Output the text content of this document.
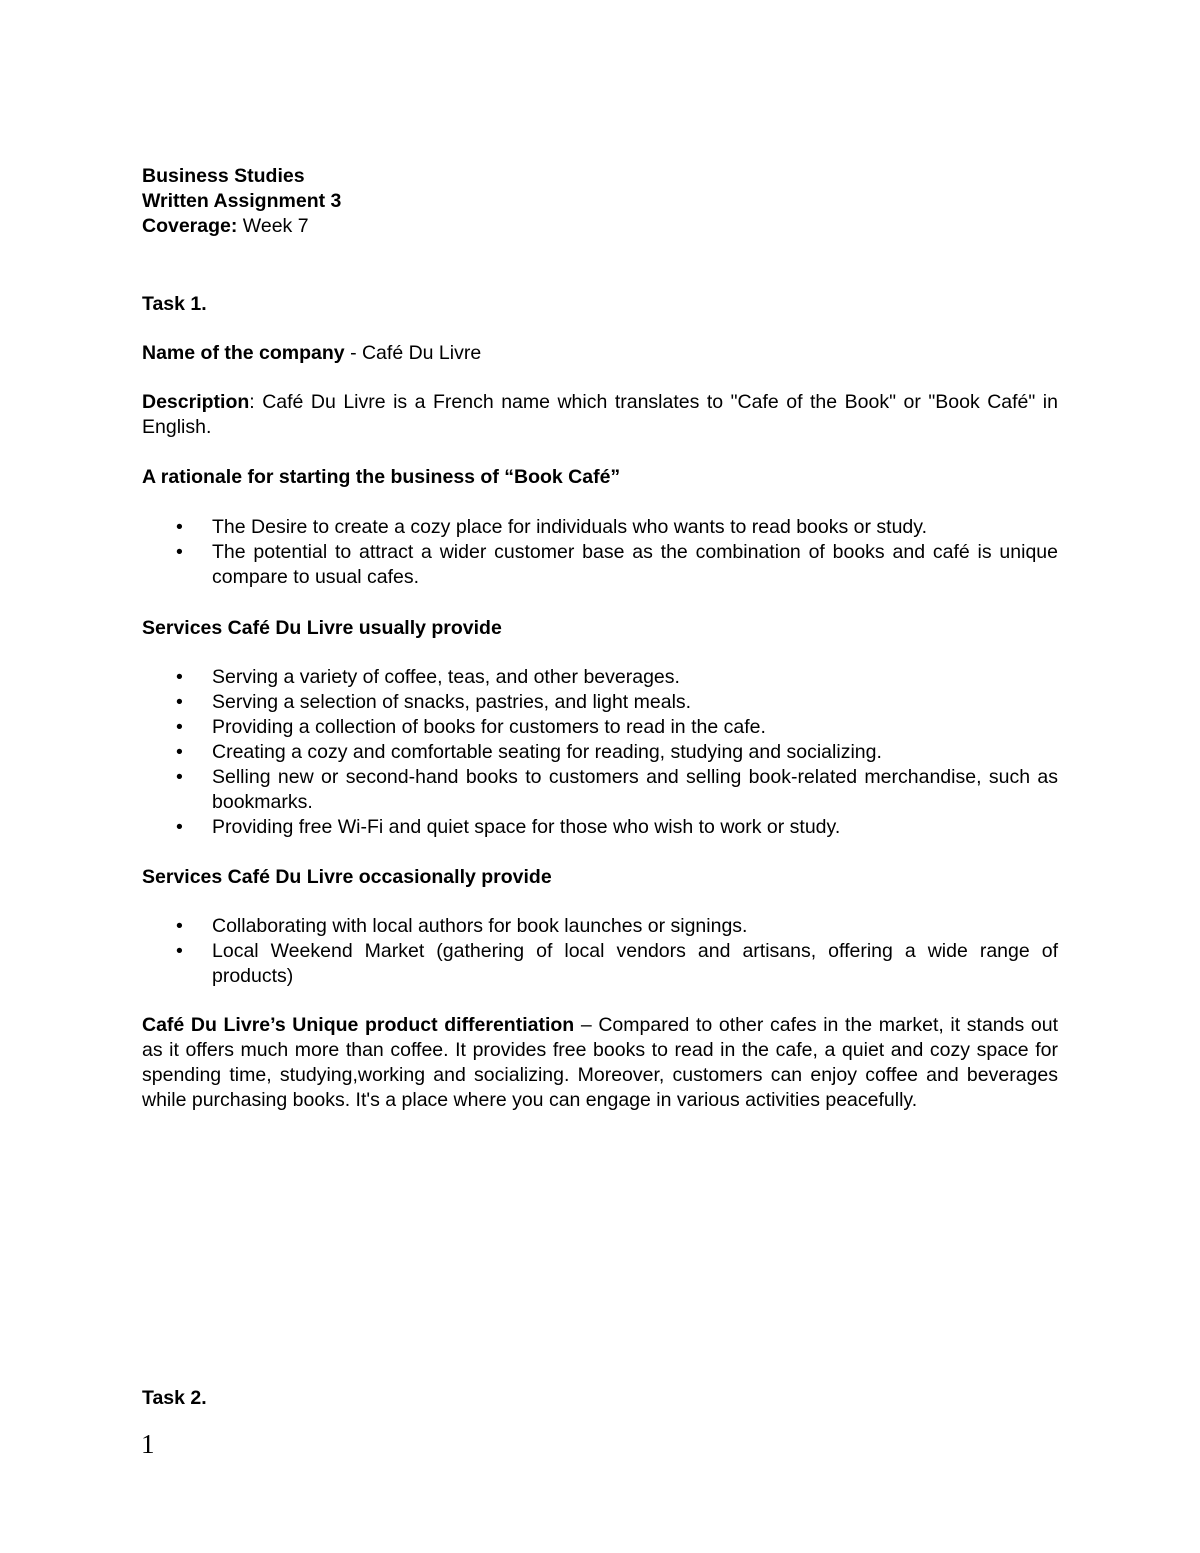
Business Studies
Written Assignment 3
Coverage: Week 7
Task 1.
Name of the company - Café Du Livre
Description: Café Du Livre is a French name which translates to "Cafe of the Book" or "Book Café" in English.
A rationale for starting the business of “Book Café”
• The Desire to create a cozy place for individuals who wants to read books or study.
• The potential to attract a wider customer base as the combination of books and café is unique compare to usual cafes.
Services Café Du Livre usually provide
• Serving a variety of coffee, teas, and other beverages.
• Serving a selection of snacks, pastries, and light meals.
• Providing a collection of books for customers to read in the cafe.
• Creating a cozy and comfortable seating for reading, studying and socializing.
• Selling new or second-hand books to customers and selling book-related merchandise, such as bookmarks.
• Providing free Wi-Fi and quiet space for those who wish to work or study.
Services Café Du Livre occasionally provide
• Collaborating with local authors for book launches or signings.
• Local Weekend Market (gathering of local vendors and artisans, offering a wide range of products)
Café Du Livre’s Unique product differentiation – Compared to other cafes in the market, it stands out as it offers much more than coffee. It provides free books to read in the cafe, a quiet and cozy space for spending time, studying,working and socializing. Moreover, customers can enjoy coffee and beverages while purchasing books. It's a place where you can engage in various activities peacefully.
Task 2.
1
